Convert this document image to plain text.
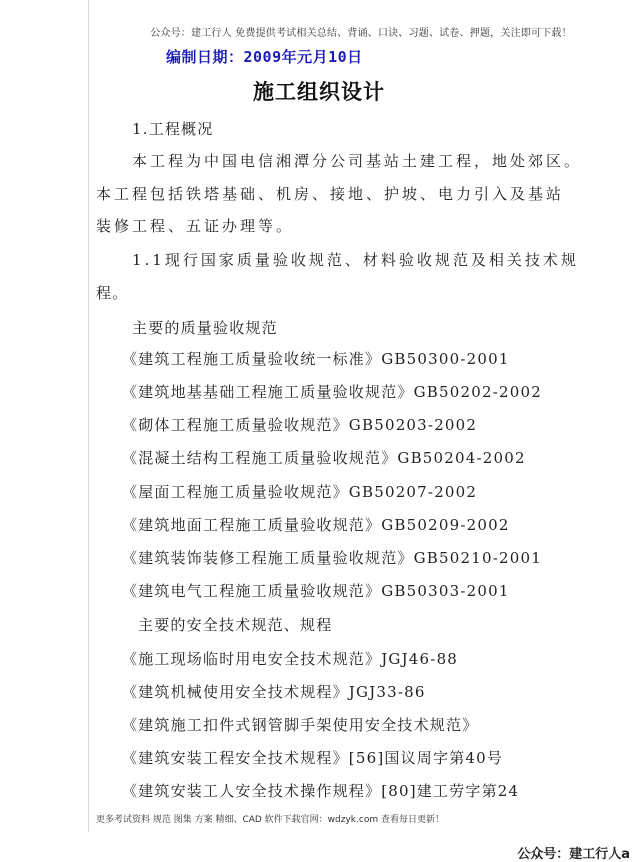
公众号：建工行人 免费提供考试相关总结、背诵、口诀、习题、试卷、押题，关注即可下载！
编制日期：2009年元月10日
施工组织设计
1.工程概况
本工程为中国电信湘潭分公司基站土建工程，地处郊区。
本工程包括铁塔基础、机房、接地、护坡、电力引入及基站
装修工程、五证办理等。
1.1现行国家质量验收规范、材料验收规范及相关技术规
程。
主要的质量验收规范
《建筑工程施工质量验收统一标准》GB50300-2001
《建筑地基基础工程施工质量验收规范》GB50202-2002
《砌体工程施工质量验收规范》GB50203-2002
《混凝土结构工程施工质量验收规范》GB50204-2002
《屋面工程施工质量验收规范》GB50207-2002
《建筑地面工程施工质量验收规范》GB50209-2002
《建筑装饰装修工程施工质量验收规范》GB50210-2001
《建筑电气工程施工质量验收规范》GB50303-2001
主要的安全技术规范、规程
《施工现场临时用电安全技术规范》JGJ46-88
《建筑机械使用安全技术规程》JGJ33-86
《建筑施工扣件式钢管脚手架使用安全技术规范》
《建筑安装工程安全技术规程》[56]国议周字第40号
《建筑安装工人安全技术操作规程》[80]建工劳字第24
更多考试资料 规范 图集 方案 精细、CAD 软件下载官网：wdzyk.com 查看每日更新！
公众号：建工行人a
